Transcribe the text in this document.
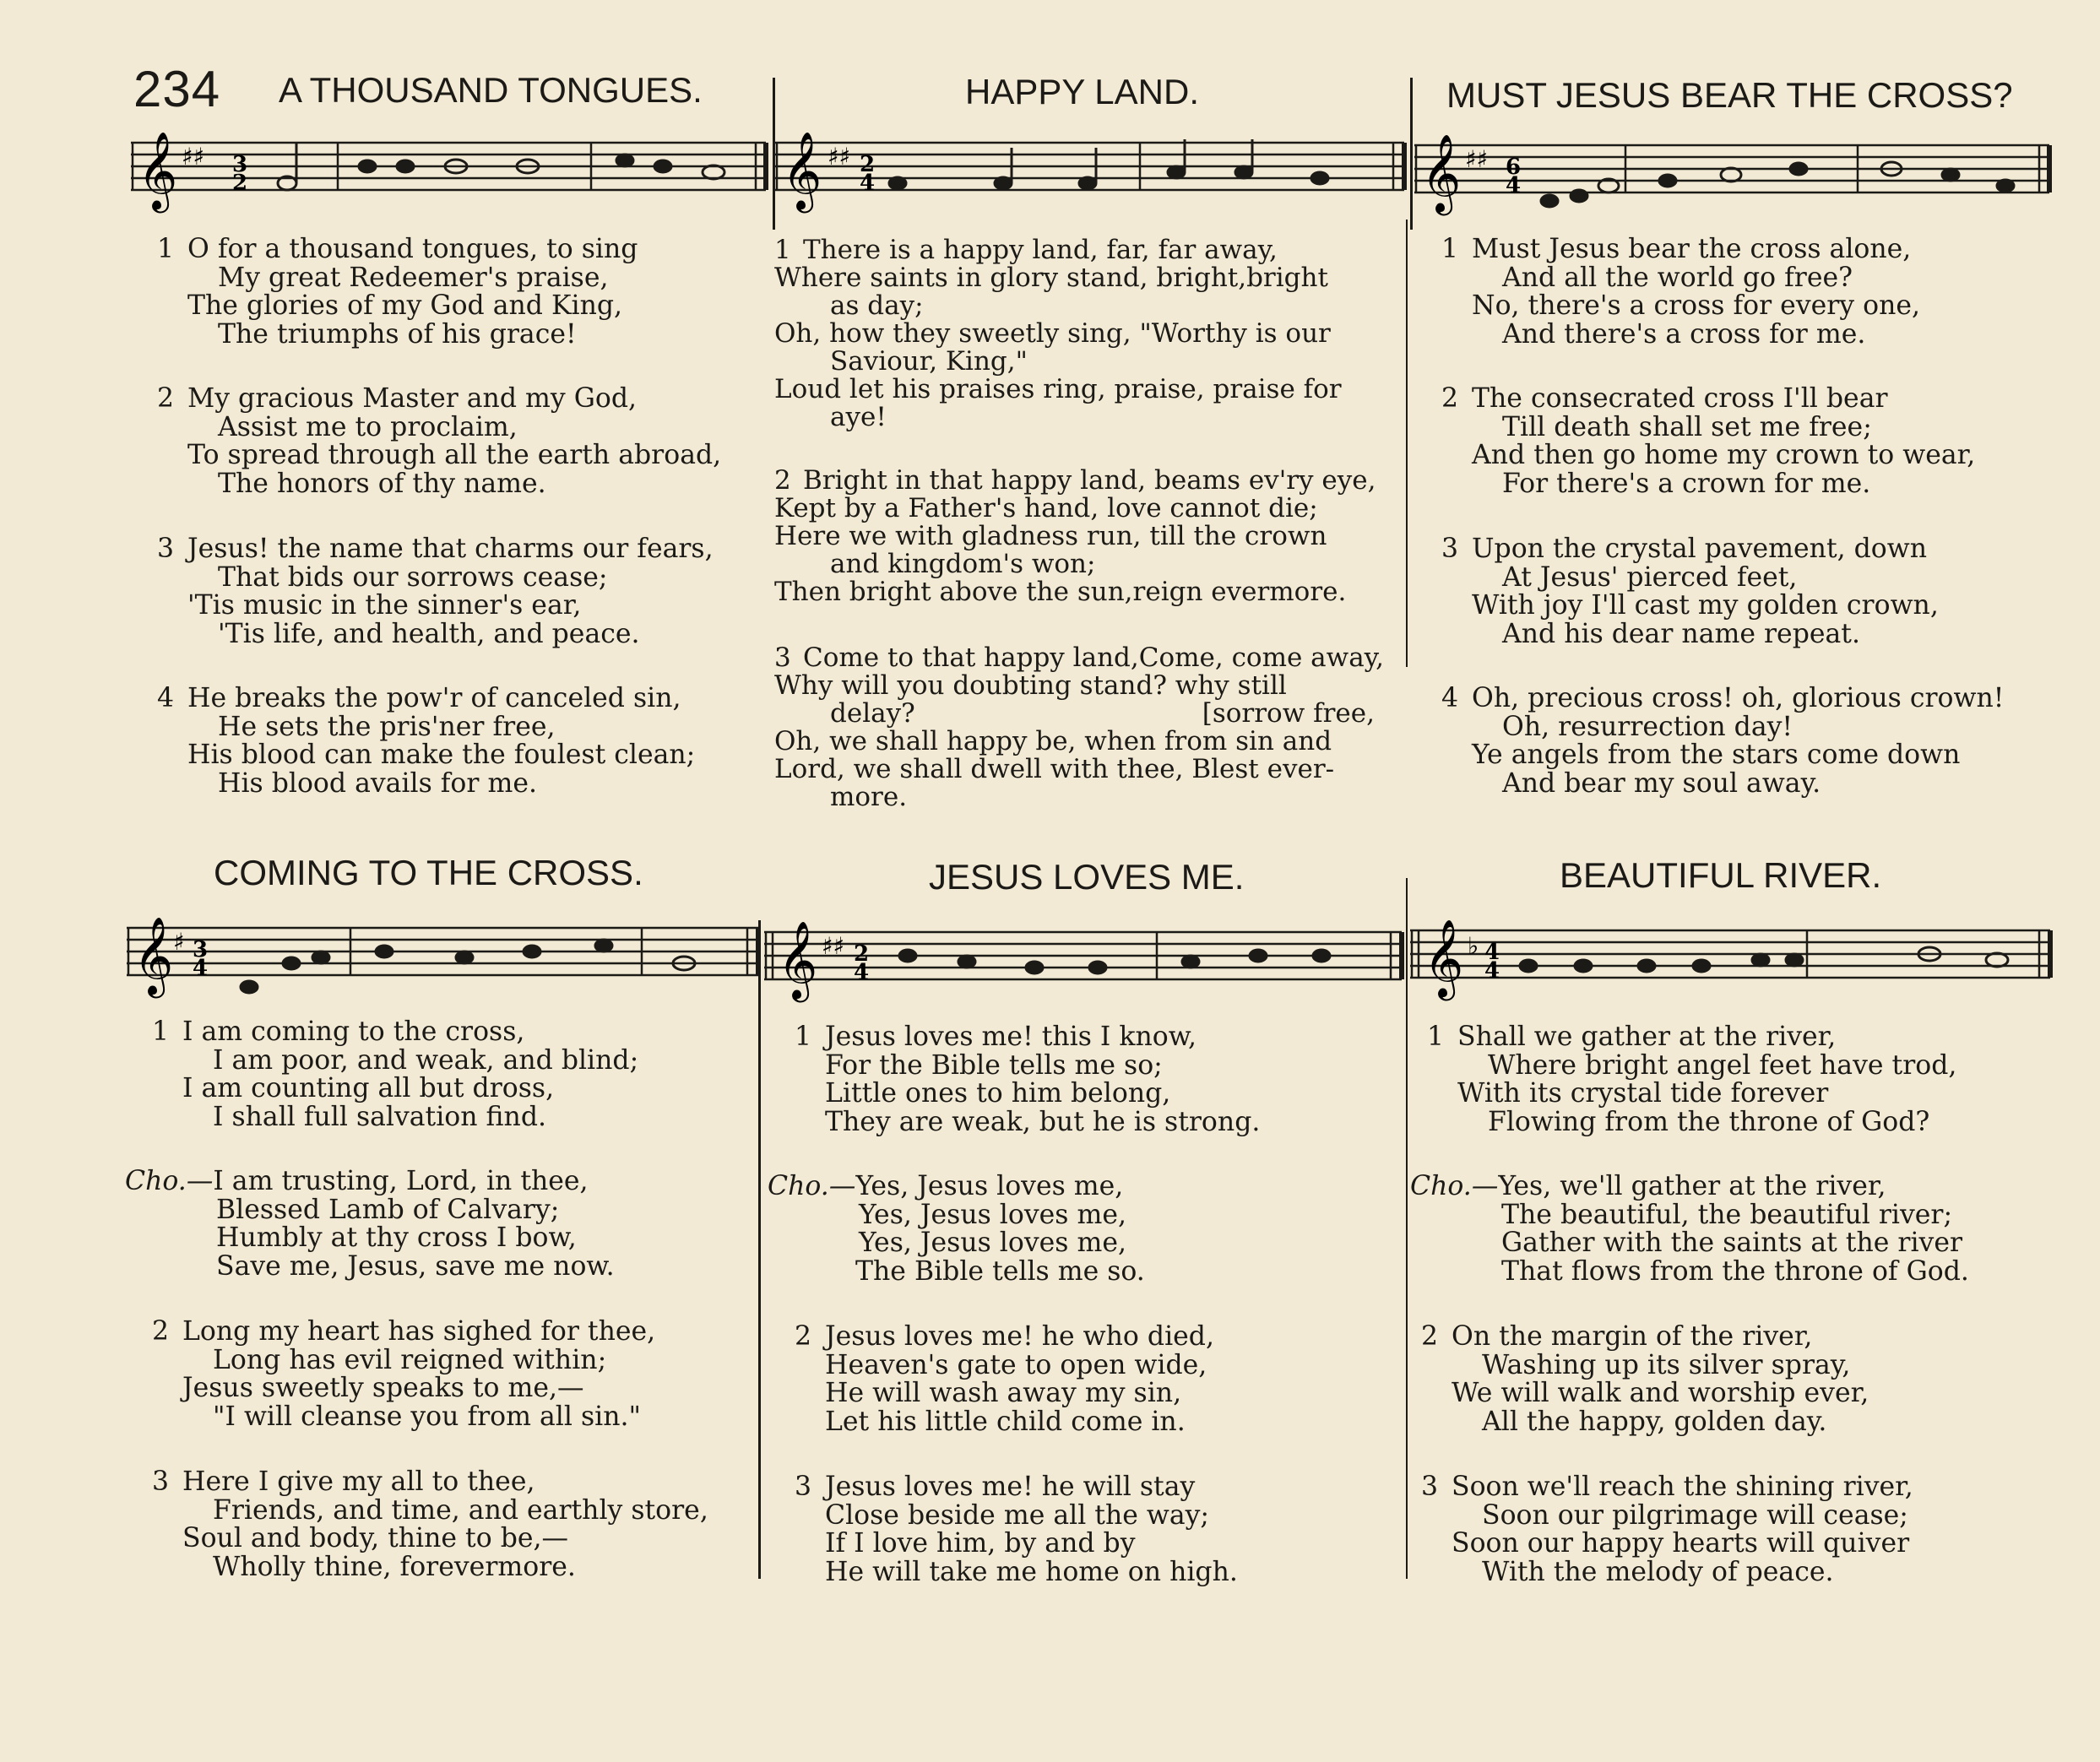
234 A THOUSAND TONGUES.	HAPPY LAND.	MUST JESUS BEAR THE CROSS?
COMING TO THE CROSS.	JESUS LOVES ME.	BEAUTIFUL RIVER.
𝄞 ♯♯ 3
2	𝄞 ♯♯ 2
4	𝄞 ♯♯ 6
4
𝄞 ♯ 3
4	𝄞 ♯♯ 2
4	𝄞 ♭ 4
4
1 O for a thousand tongues, to sing
My great Redeemer's praise,
The glories of my God and King,
The triumphs of his grace!
2 My gracious Master and my God,
Assist me to proclaim,
To spread through all the earth abroad,
The honors of thy name.
3 Jesus! the name that charms our fears,
That bids our sorrows cease;
'Tis music in the sinner's ear,
'Tis life, and health, and peace.
4 He breaks the pow'r of canceled sin,
He sets the pris'ner free,
His blood can make the foulest clean;
His blood avails for me.
1 There is a happy land, far, far away,
Where saints in glory stand, bright,bright
as day;
Oh, how they sweetly sing, "Worthy is our
Saviour, King,"
Loud let his praises ring, praise, praise for
aye!
2 Bright in that happy land, beams ev'ry eye,
Kept by a Father's hand, love cannot die;
Here we with gladness run, till the crown
and kingdom's won;
Then bright above the sun,reign evermore.
3 Come to that happy land,Come, come away,
Why will you doubting stand? why still
delay?	[sorrow free,
Oh, we shall happy be, when from sin and
Lord, we shall dwell with thee, Blest ever-
more.
1 Must Jesus bear the cross alone,
And all the world go free?
No, there's a cross for every one,
And there's a cross for me.
2 The consecrated cross I'll bear
Till death shall set me free;
And then go home my crown to wear,
For there's a crown for me.
3 Upon the crystal pavement, down
At Jesus' pierced feet,
With joy I'll cast my golden crown,
And his dear name repeat.
4 Oh, precious cross! oh, glorious crown!
Oh, resurrection day!
Ye angels from the stars come down
And bear my soul away.
1 I am coming to the cross,
I am poor, and weak, and blind;
I am counting all but dross,
I shall full salvation find.
Cho.—I am trusting, Lord, in thee,
Blessed Lamb of Calvary;
Humbly at thy cross I bow,
Save me, Jesus, save me now.
2 Long my heart has sighed for thee,
Long has evil reigned within;
Jesus sweetly speaks to me,—
"I will cleanse you from all sin."
3 Here I give my all to thee,
Friends, and time, and earthly store,
Soul and body, thine to be,—
Wholly thine, forevermore.
1 Jesus loves me! this I know,
For the Bible tells me so;
Little ones to him belong,
They are weak, but he is strong.
Cho.—Yes, Jesus loves me,
Yes, Jesus loves me,
Yes, Jesus loves me,
The Bible tells me so.
2 Jesus loves me! he who died,
Heaven's gate to open wide,
He will wash away my sin,
Let his little child come in.
3 Jesus loves me! he will stay
Close beside me all the way;
If I love him, by and by
He will take me home on high.
1 Shall we gather at the river,
Where bright angel feet have trod,
With its crystal tide forever
Flowing from the throne of God?
Cho.—Yes, we'll gather at the river,
The beautiful, the beautiful river;
Gather with the saints at the river
That flows from the throne of God.
2 On the margin of the river,
Washing up its silver spray,
We will walk and worship ever,
All the happy, golden day.
3 Soon we'll reach the shining river,
Soon our pilgrimage will cease;
Soon our happy hearts will quiver
With the melody of peace.
